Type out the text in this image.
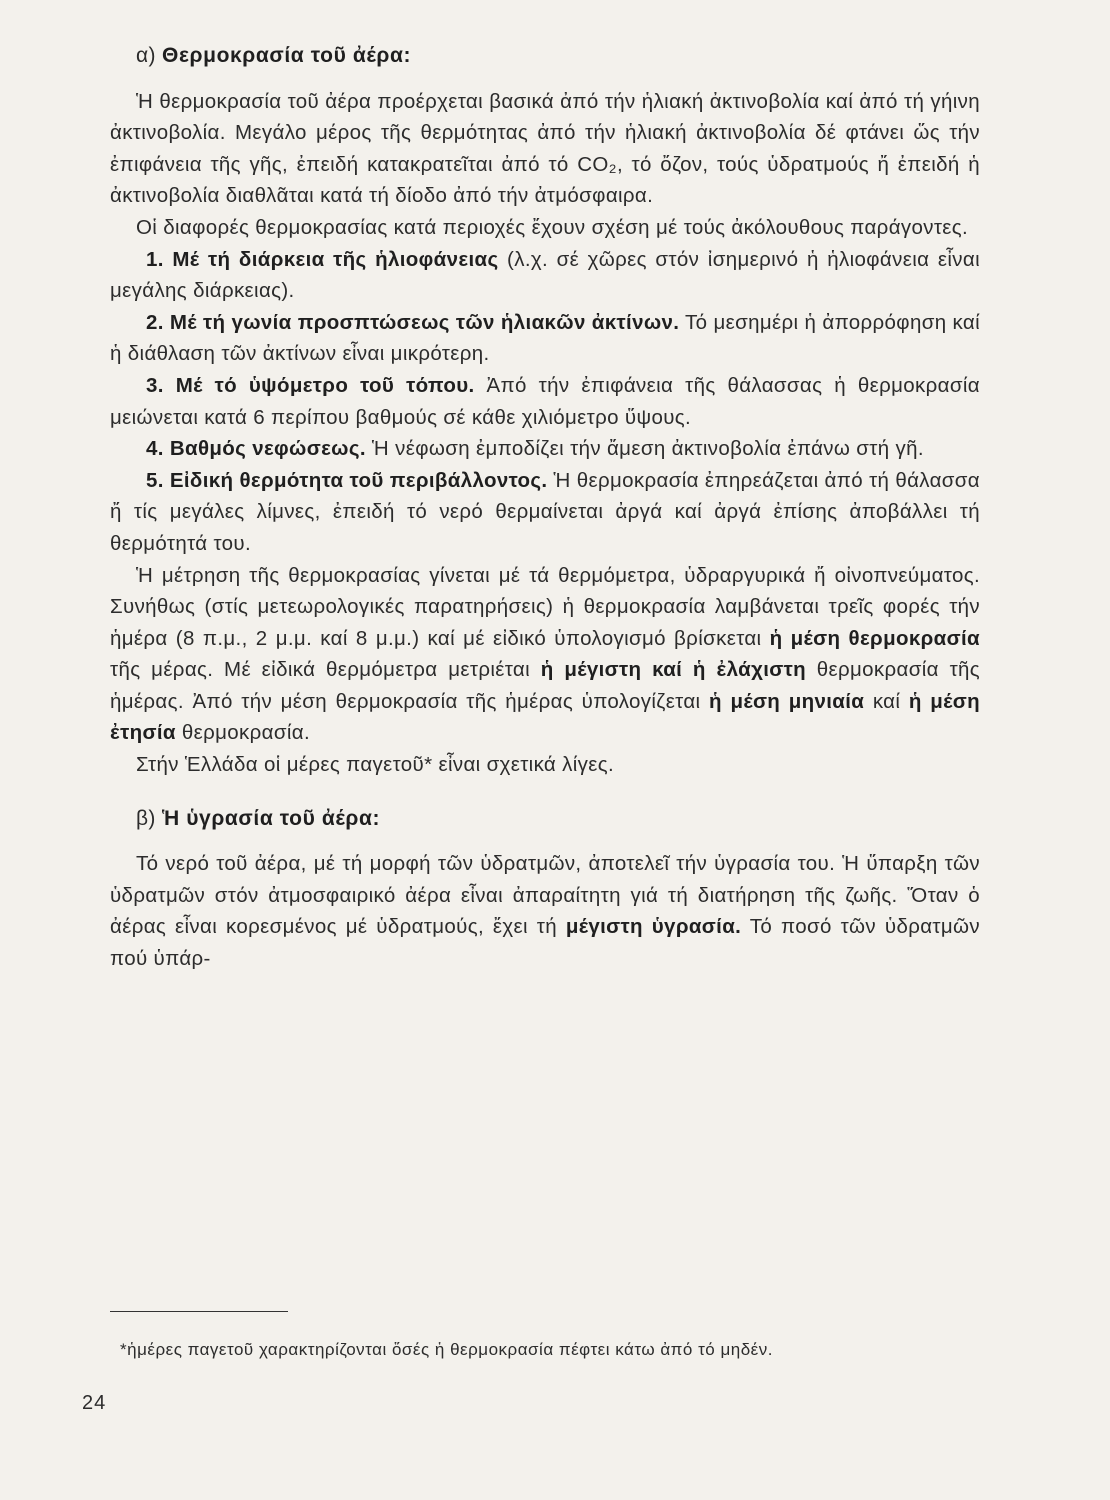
α) Θερμοκρασία τοῦ ἀέρα:

Ἡ θερμοκρασία τοῦ ἀέρα προέρχεται βασικά ἀπό τήν ἡλιακή ἀκτινοβολία καί ἀπό τή γήινη ἀκτινοβολία. Μεγάλο μέρος τῆς θερμότητας ἀπό τήν ἡλιακή ἀκτινοβολία δέ φτάνει ὥς τήν ἐπιφάνεια τῆς γῆς, ἐπειδή κατακρατεῖται ἀπό τό CO₂, τό ὄζον, τούς ὑδρατμούς ἤ ἐπειδή ἡ ἀκτινοβολία διαθλᾶται κατά τή δίοδο ἀπό τήν ἀτμόσφαιρα.

Οἱ διαφορές θερμοκρασίας κατά περιοχές ἔχουν σχέση μέ τούς ἀκόλουθους παράγοντες.

1. Μέ τή διάρκεια τῆς ἡλιοφάνειας (λ.χ. σέ χῶρες στόν ἰσημερινό ἡ ἡλιοφάνεια εἶναι μεγάλης διάρκειας).

2. Μέ τή γωνία προσπτώσεως τῶν ἡλιακῶν ἀκτίνων. Τό μεσημέρι ἡ ἀπορρόφηση καί ἡ διάθλαση τῶν ἀκτίνων εἶναι μικρότερη.

3. Μέ τό ὑψόμετρο τοῦ τόπου. Ἀπό τήν ἐπιφάνεια τῆς θάλασσας ἡ θερμοκρασία μειώνεται κατά 6 περίπου βαθμούς σέ κάθε χιλιόμετρο ὕψους.

4. Βαθμός νεφώσεως. Ἡ νέφωση ἐμποδίζει τήν ἄμεση ἀκτινοβολία ἐπάνω στή γῆ.

5. Εἰδική θερμότητα τοῦ περιβάλλοντος. Ἡ θερμοκρασία ἐπηρεάζεται ἀπό τή θάλασσα ἤ τίς μεγάλες λίμνες, ἐπειδή τό νερό θερμαίνεται ἀργά καί ἀργά ἐπίσης ἀποβάλλει τή θερμότητά του.

Ἡ μέτρηση τῆς θερμοκρασίας γίνεται μέ τά θερμόμετρα, ὑδραργυρικά ἤ οἰνοπνεύματος. Συνήθως (στίς μετεωρολογικές παρατηρήσεις) ἡ θερμοκρασία λαμβάνεται τρεῖς φορές τήν ἡμέρα (8 π.μ., 2 μ.μ. καί 8 μ.μ.) καί μέ εἰδικό ὑπολογισμό βρίσκεται ἡ μέση θερμοκρασία τῆς μέρας. Μέ εἰδικά θερμόμετρα μετριέται ἡ μέγιστη καί ἡ ἐλάχιστη θερμοκρασία τῆς ἡμέρας. Ἀπό τήν μέση θερμοκρασία τῆς ἡμέρας ὑπολογίζεται ἡ μέση μηνιαία καί ἡ μέση ἐτησία θερμοκρασία.

Στήν Ἑλλάδα οἱ μέρες παγετοῦ* εἶναι σχετικά λίγες.

β) Ἡ ὑγρασία τοῦ ἀέρα:

Τό νερό τοῦ ἀέρα, μέ τή μορφή τῶν ὑδρατμῶν, ἀποτελεῖ τήν ὑγρασία του. Ἡ ὕπαρξη τῶν ὑδρατμῶν στόν ἀτμοσφαιρικό ἀέρα εἶναι ἀπαραίτητη γιά τή διατήρηση τῆς ζωῆς. Ὅταν ὁ ἀέρας εἶναι κορεσμένος μέ ὑδρατμούς, ἔχει τή μέγιστη ὑγρασία. Τό ποσό τῶν ὑδρατμῶν πού ὑπάρ-

*ἡμέρες παγετοῦ χαρακτηρίζονται ὅσές ἡ θερμοκρασία πέφτει κάτω ἀπό τό μηδέν.

24
